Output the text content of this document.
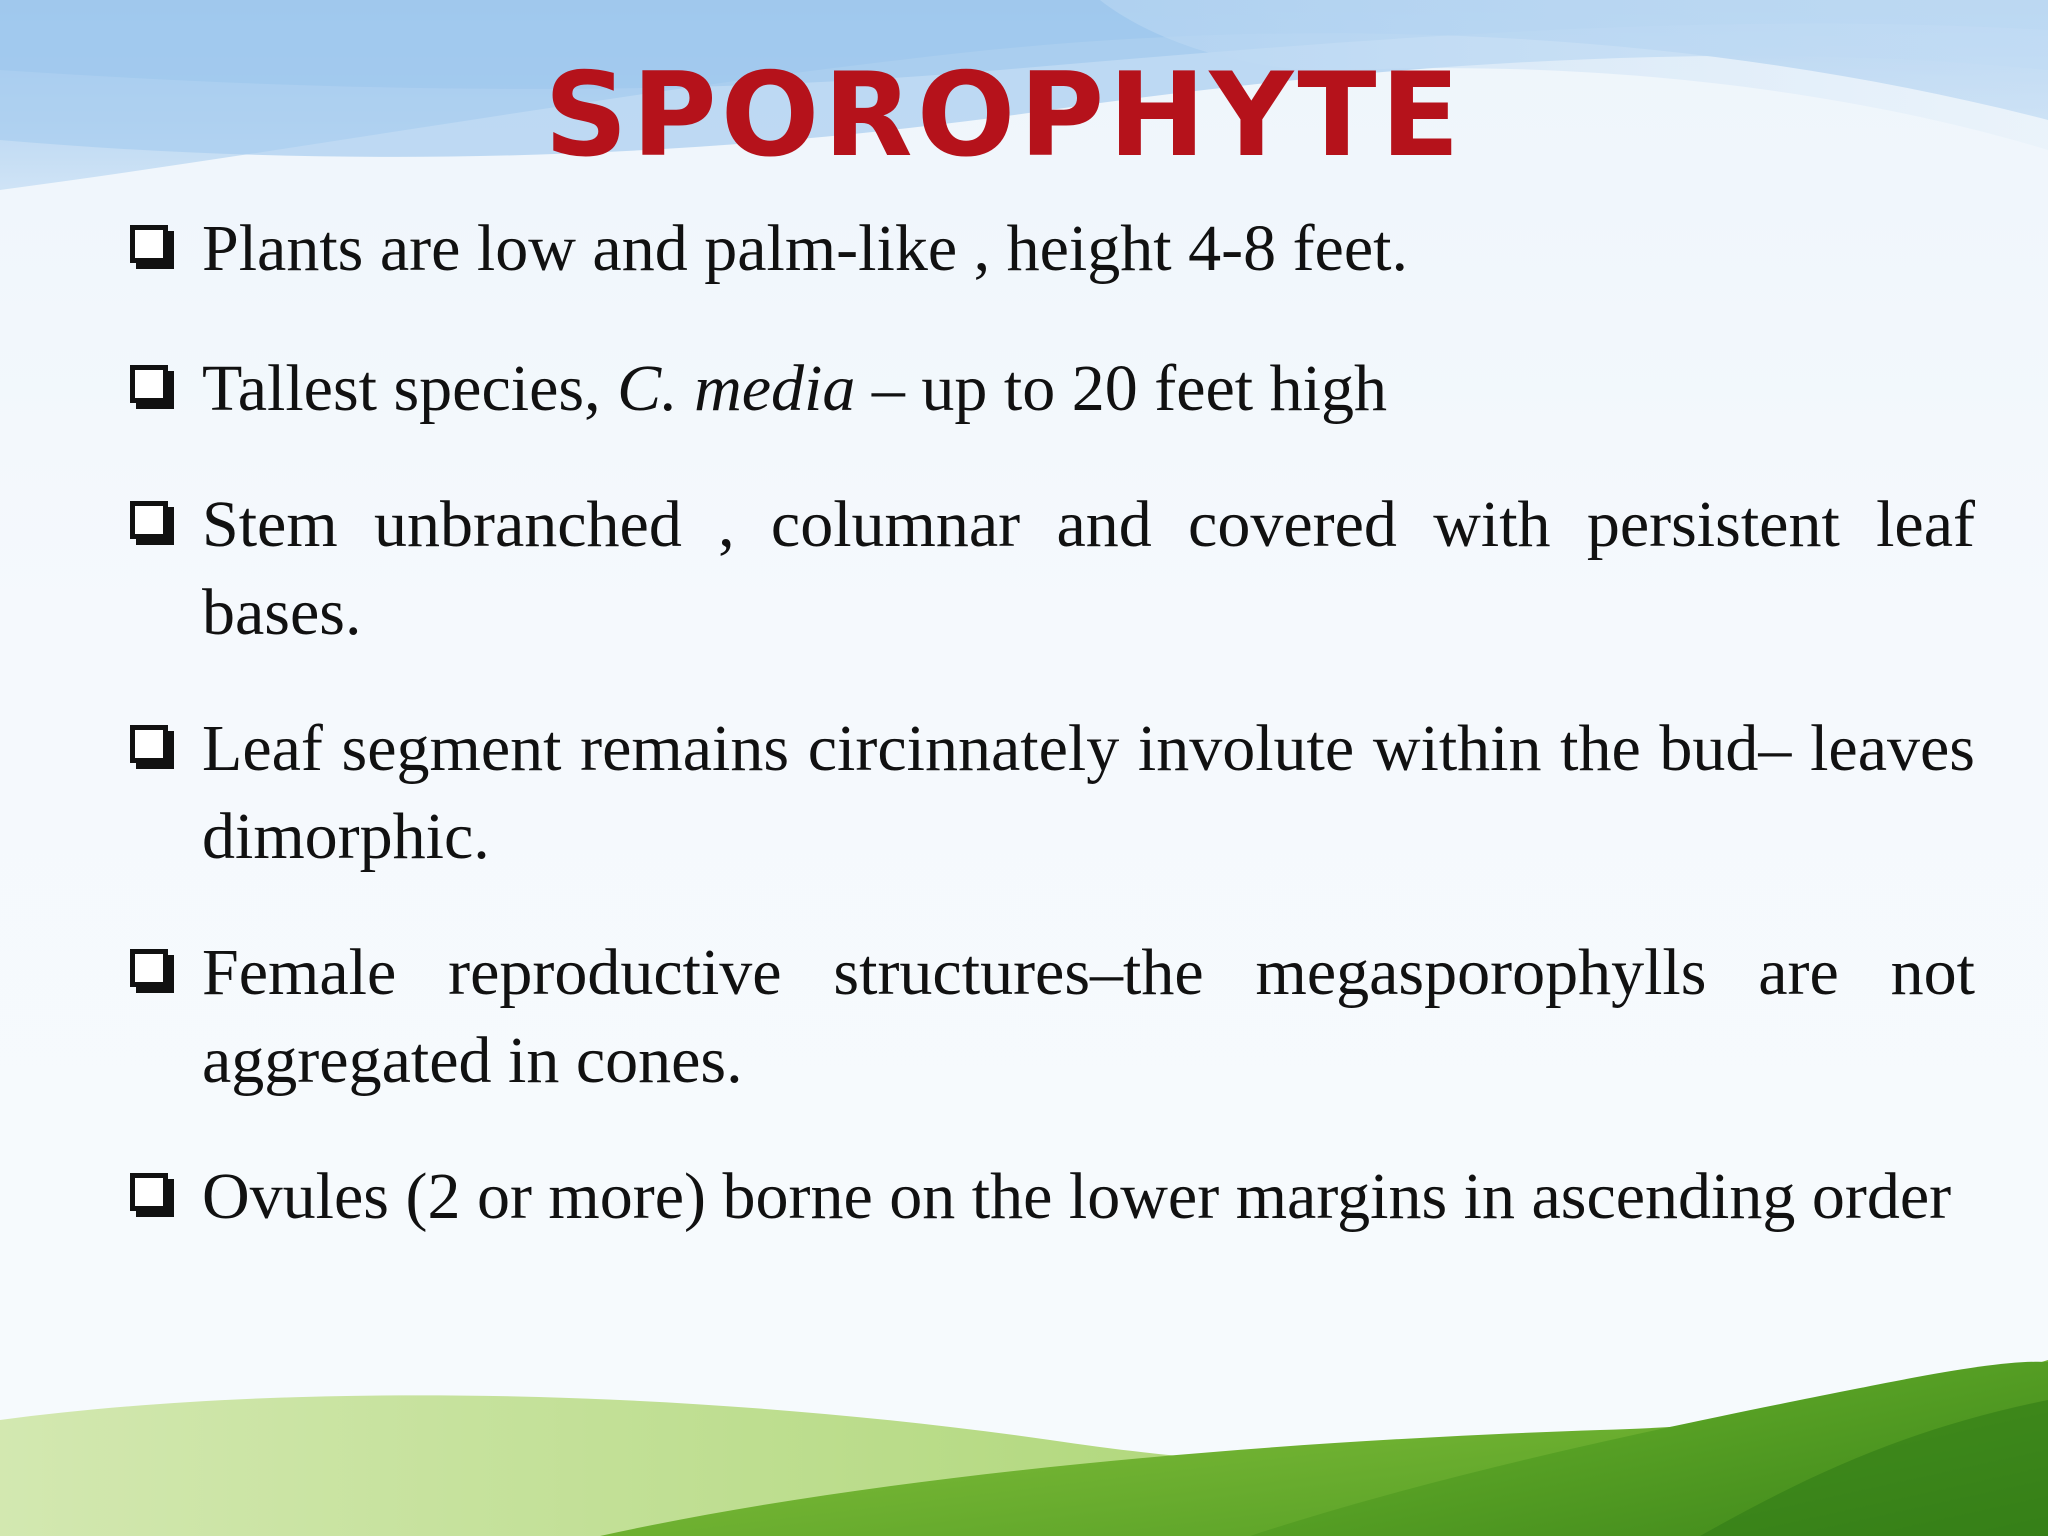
SPOROPHYTE
Plants are low and palm-like , height 4-8 feet.
Tallest species, C. media – up to 20 feet high
Stem unbranched , columnar and covered with persistent leaf bases.
Leaf segment remains circinnately involute within the bud– leaves dimorphic.
Female reproductive structures–the megasporophylls are not aggregated in cones.
Ovules (2 or more) borne on the lower margins in ascending order
